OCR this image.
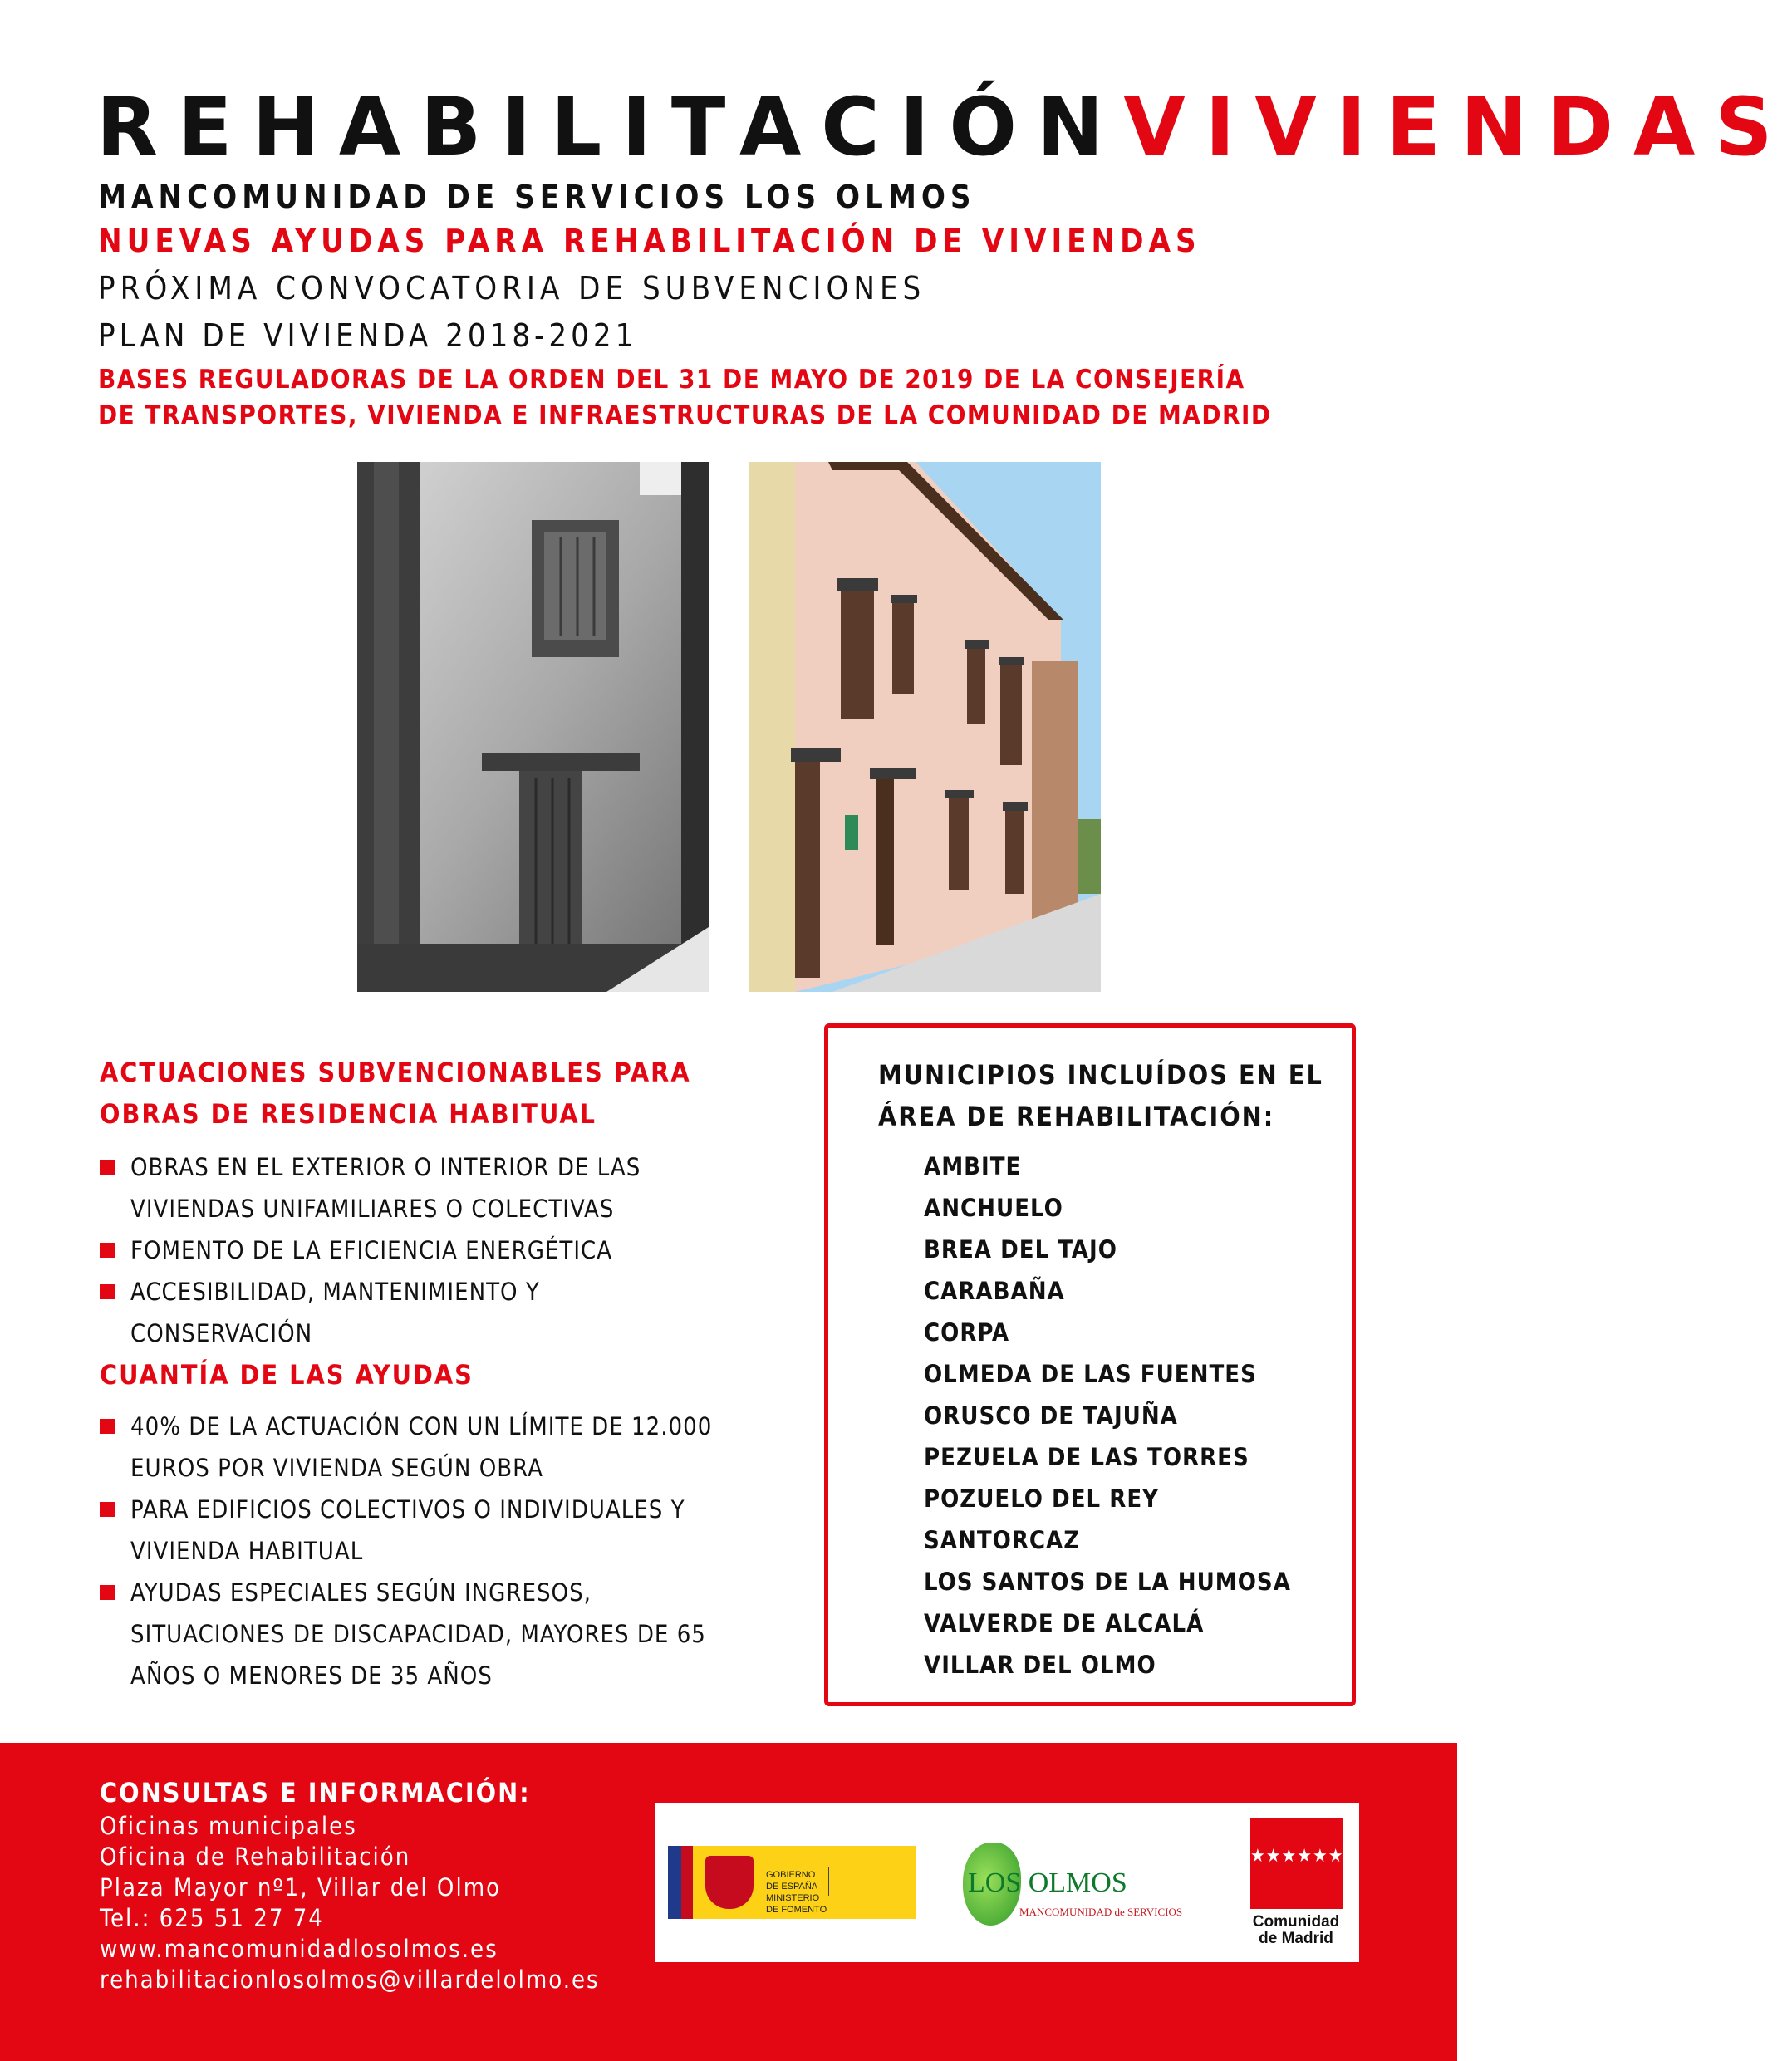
REHABILITACIÓNVIVIENDAS

MANCOMUNIDAD DE SERVICIOS LOS OLMOS

NUEVAS AYUDAS PARA REHABILITACIÓN DE VIVIENDAS

PRÓXIMA CONVOCATORIA DE SUBVENCIONES

PLAN DE VIVIENDA 2018-2021

BASES REGULADORAS DE LA ORDEN DEL 31 DE MAYO DE 2019 DE LA CONSEJERÍA
DE TRANSPORTES, VIVIENDA E INFRAESTRUCTURAS DE LA COMUNIDAD DE MADRID

ACTUACIONES SUBVENCIONABLES PARA
OBRAS DE RESIDENCIA HABITUAL
OBRAS EN EL EXTERIOR O INTERIOR DE LAS VIVIENDAS UNIFAMILIARES O COLECTIVAS
FOMENTO DE LA EFICIENCIA ENERGÉTICA
ACCESIBILIDAD, MANTENIMIENTO Y CONSERVACIÓN
CUANTÍA DE LAS AYUDAS
40% DE LA ACTUACIÓN CON UN LÍMITE DE 12.000 EUROS POR VIVIENDA SEGÚN OBRA
PARA EDIFICIOS COLECTIVOS O INDIVIDUALES Y VIVIENDA HABITUAL
AYUDAS ESPECIALES SEGÚN INGRESOS, SITUACIONES DE DISCAPACIDAD, MAYORES DE 65 AÑOS O MENORES DE 35 AÑOS
MUNICIPIOS INCLUÍDOS EN EL
ÁREA DE REHABILITACIÓN:
AMBITE
ANCHUELO
BREA DEL TAJO
CARABAÑA
CORPA
OLMEDA DE LAS FUENTES
ORUSCO DE TAJUÑA
PEZUELA DE LAS TORRES
POZUELO DEL REY
SANTORCAZ
LOS SANTOS DE LA HUMOSA
VALVERDE DE ALCALÁ
VILLAR DEL OLMO
CONSULTAS E INFORMACIÓN:
Oficinas municipales
Oficina de Rehabilitación
Plaza Mayor nº1, Villar del Olmo
Tel.: 625 51 27 74
www.mancomunidadlosolmos.es
rehabilitacionlosolmos@villardelolmo.es
GOBIERNO DE ESPAÑAMINISTERIO DE FOMENTO
LOS OLMOS
MANCOMUNIDAD de SERVICIOS
★★★★★★★
Comunidad de Madrid
